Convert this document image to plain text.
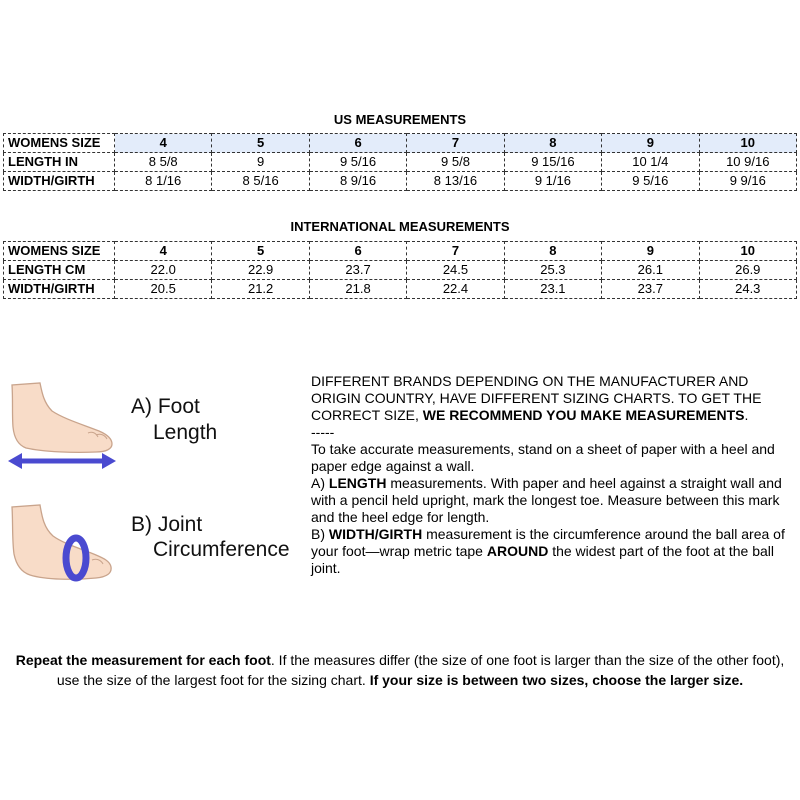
US MEASUREMENTS
WOMENS SIZE	4	5	6	7	8	9	10
LENGTH IN	8 5/8	9	9 5/16	9 5/8	9 15/16	10 1/4	10 9/16
WIDTH/GIRTH	8 1/16	8 5/16	8 9/16	8 13/16	9 1/16	9 5/16	9 9/16
INTERNATIONAL MEASUREMENTS
WOMENS SIZE	4	5	6	7	8	9	10
LENGTH CM	22.0	22.9	23.7	24.5	25.3	26.1	26.9
WIDTH/GIRTH	20.5	21.2	21.8	22.4	23.1	23.7	24.3
A) Foot
Length
B) Joint
Circumference

DIFFERENT BRANDS DEPENDING ON THE MANUFACTURER AND ORIGIN COUNTRY, HAVE DIFFERENT SIZING CHARTS. TO GET THE CORRECT SIZE, WE RECOMMEND YOU MAKE MEASUREMENTS.

-----

To take accurate measurements, stand on a sheet of paper with a heel and paper edge against a wall.

A) LENGTH measurements. With paper and heel against a straight wall and with a pencil held upright, mark the longest toe. Measure between this mark and the heel edge for length.

B) WIDTH/GIRTH measurement is the circumference around the ball area of your foot—wrap metric tape AROUND the widest part of the foot at the ball joint.

Repeat the measurement for each foot. If the measures differ (the size of one foot is larger than the size of the other foot), use the size of the largest foot for the sizing chart. If your size is between two sizes, choose the larger size.
